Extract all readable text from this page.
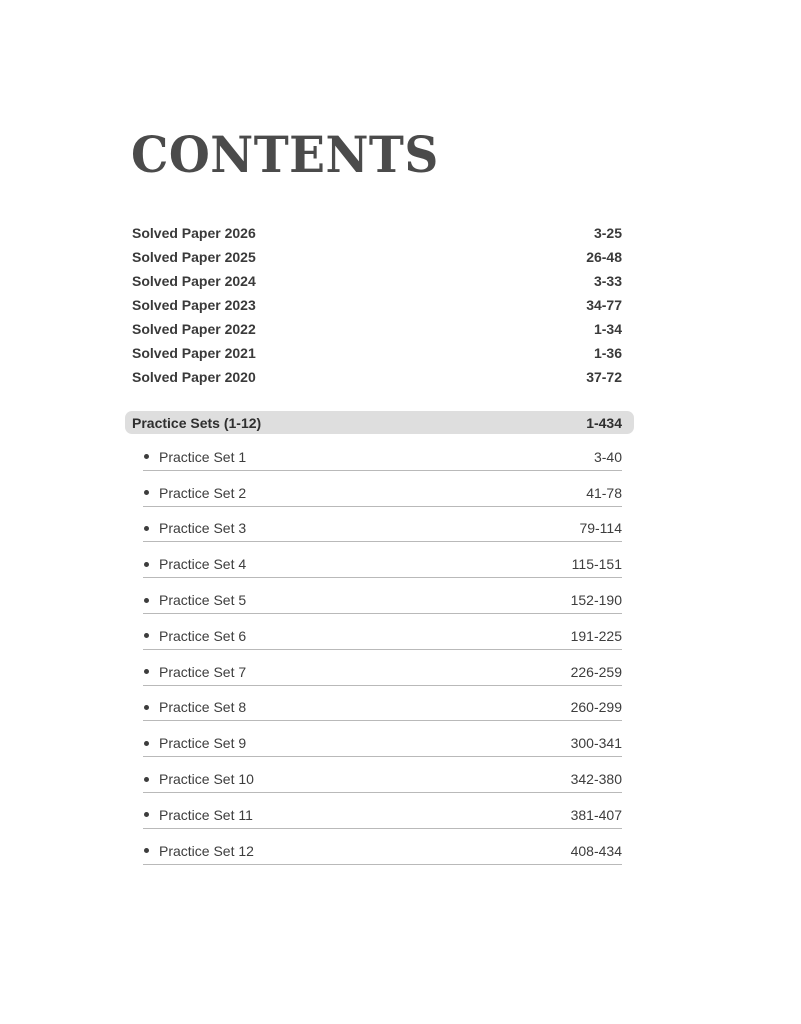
CONTENTS
Solved Paper 2026	3-25
Solved Paper 2025	26-48
Solved Paper 2024	3-33
Solved Paper 2023	34-77
Solved Paper 2022	1-34
Solved Paper 2021	1-36
Solved Paper 2020	37-72
Practice Sets (1-12)	1-434
Practice Set 1	3-40
Practice Set 2	41-78
Practice Set 3	79-114
Practice Set 4	115-151
Practice Set 5	152-190
Practice Set 6	191-225
Practice Set 7	226-259
Practice Set 8	260-299
Practice Set 9	300-341
Practice Set 10	342-380
Practice Set 11	381-407
Practice Set 12	408-434
